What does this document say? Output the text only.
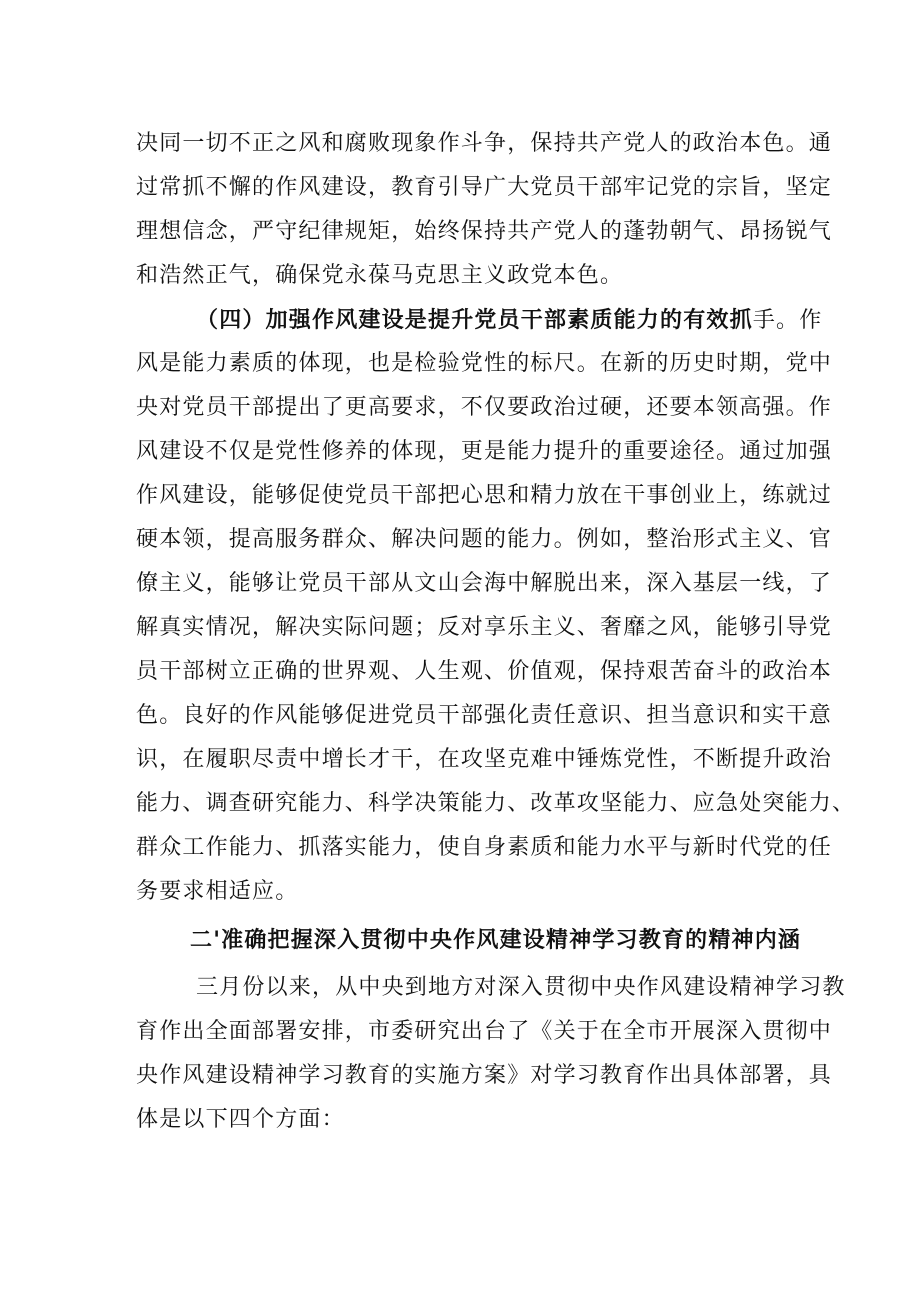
决同一切不正之风和腐败现象作斗争，保持共产党人的政治本色。通
过常抓不懈的作风建设，教育引导广大党员干部牢记党的宗旨，坚定
理想信念，严守纪律规矩，始终保持共产党人的蓬勃朝气、昂扬锐气
和浩然正气，确保党永葆马克思主义政党本色。
（四）加强作风建设是提升党员干部素质能力的有效抓手。作
风是能力素质的体现，也是检验党性的标尺。在新的历史时期，党中
央对党员干部提出了更高要求，不仅要政治过硬，还要本领高强。作
风建设不仅是党性修养的体现，更是能力提升的重要途径。通过加强
作风建设，能够促使党员干部把心思和精力放在干事创业上，练就过
硬本领，提高服务群众、解决问题的能力。例如，整治形式主义、官
僚主义，能够让党员干部从文山会海中解脱出来，深入基层一线，了
解真实情况，解决实际问题；反对享乐主义、奢靡之风，能够引导党
员干部树立正确的世界观、人生观、价值观，保持艰苦奋斗的政治本
色。良好的作风能够促进党员干部强化责任意识、担当意识和实干意
识，在履职尽责中增长才干，在攻坚克难中锤炼党性，不断提升政治
能力、调查研究能力、科学决策能力、改革攻坚能力、应急处突能力、
群众工作能力、抓落实能力，使自身素质和能力水平与新时代党的任
务要求相适应。
二'准确把握深入贯彻中央作风建设精神学习教育的精神内涵
三月份以来，从中央到地方对深入贯彻中央作风建设精神学习教
育作出全面部署安排，市委研究出台了《关于在全市开展深入贯彻中
央作风建设精神学习教育的实施方案》对学习教育作出具体部署，具
体是以下四个方面：
